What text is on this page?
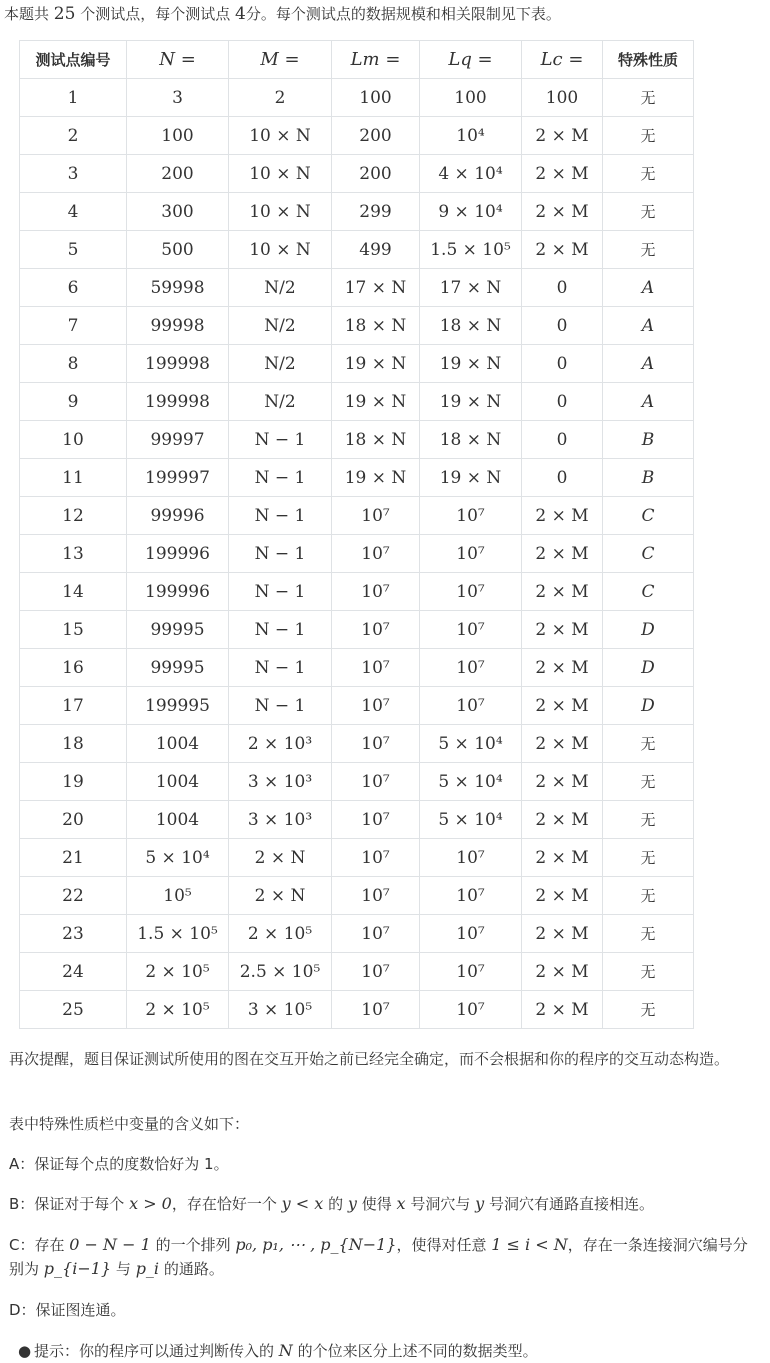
本题共 25 个测试点，每个测试点 4分。每个测试点的数据规模和相关限制见下表。
测试点编号	N =	M =	Lm =	Lq =	Lc =	特殊性质
1	3	2	100	100	100	无
2	100	10 × N	200	10⁴	2 × M	无
3	200	10 × N	200	4 × 10⁴	2 × M	无
4	300	10 × N	299	9 × 10⁴	2 × M	无
5	500	10 × N	499	1.5 × 10⁵	2 × M	无
6	59998	N/2	17 × N	17 × N	0	A
7	99998	N/2	18 × N	18 × N	0	A
8	199998	N/2	19 × N	19 × N	0	A
9	199998	N/2	19 × N	19 × N	0	A
10	99997	N − 1	18 × N	18 × N	0	B
11	199997	N − 1	19 × N	19 × N	0	B
12	99996	N − 1	10⁷	10⁷	2 × M	C
13	199996	N − 1	10⁷	10⁷	2 × M	C
14	199996	N − 1	10⁷	10⁷	2 × M	C
15	99995	N − 1	10⁷	10⁷	2 × M	D
16	99995	N − 1	10⁷	10⁷	2 × M	D
17	199995	N − 1	10⁷	10⁷	2 × M	D
18	1004	2 × 10³	10⁷	5 × 10⁴	2 × M	无
19	1004	3 × 10³	10⁷	5 × 10⁴	2 × M	无
20	1004	3 × 10³	10⁷	5 × 10⁴	2 × M	无
21	5 × 10⁴	2 × N	10⁷	10⁷	2 × M	无
22	10⁵	2 × N	10⁷	10⁷	2 × M	无
23	1.5 × 10⁵	2 × 10⁵	10⁷	10⁷	2 × M	无
24	2 × 10⁵	2.5 × 10⁵	10⁷	10⁷	2 × M	无
25	2 × 10⁵	3 × 10⁵	10⁷	10⁷	2 × M	无
再次提醒，题目保证测试所使用的图在交互开始之前已经完全确定，而不会根据和你的程序的交互动态构造。
表中特殊性质栏中变量的含义如下：
A：保证每个点的度数恰好为 1。
B：保证对于每个 x > 0，存在恰好一个 y < x 的 y 使得 x 号洞穴与 y 号洞穴有通路直接相连。
C：存在 0 − N − 1 的一个排列 p₀, p₁, ⋯ , p_{N−1}，使得对任意 1 ≤ i < N，存在一条连接洞穴编号分别为 p_{i−1} 与 p_i 的通路。
D：保证图连通。
● 提示：你的程序可以通过判断传入的 N 的个位来区分上述不同的数据类型。
